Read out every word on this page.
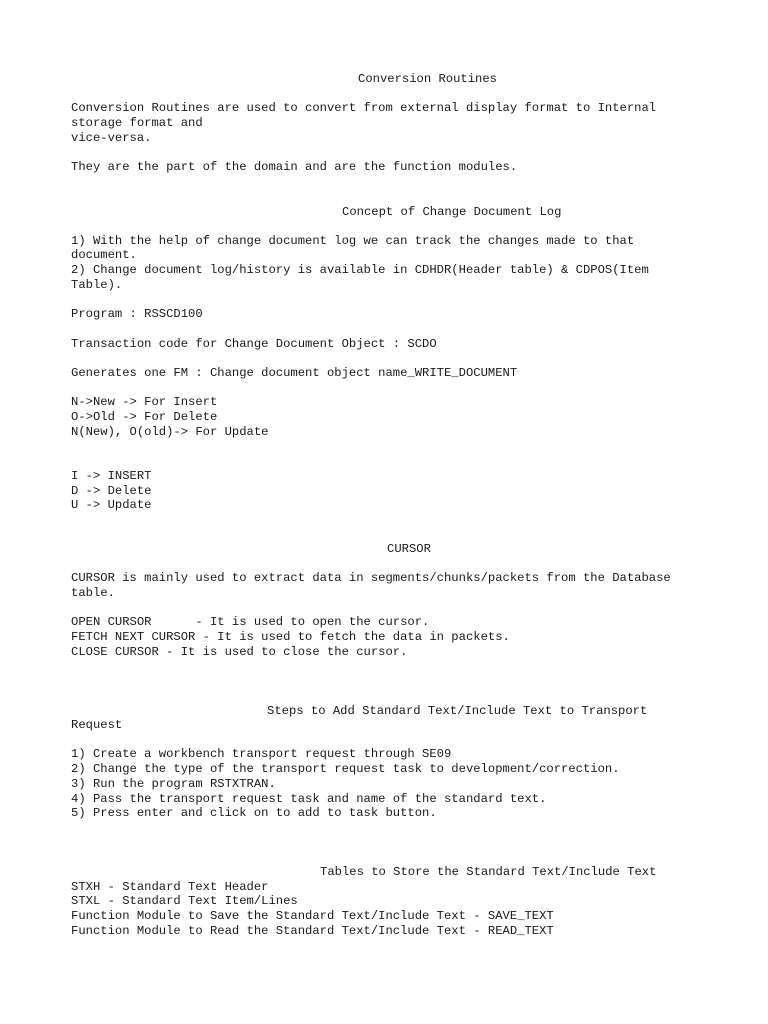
Conversion Routines

Conversion Routines are used to convert from external display format to Internal

storage format and

vice-versa.

They are the part of the domain and are the function modules.

Concept of Change Document Log

1) With the help of change document log we can track the changes made to that

document.

2) Change document log/history is available in CDHDR(Header table) & CDPOS(Item

Table).

Program : RSSCD100

Transaction code for Change Document Object : SCDO

Generates one FM : Change document object name_WRITE_DOCUMENT

N->New -> For Insert

O->Old -> For Delete

N(New), O(old)-> For Update

I -> INSERT

D -> Delete

U -> Update

CURSOR

CURSOR is mainly used to extract data in segments/chunks/packets from the Database

table.

OPEN CURSOR      - It is used to open the cursor.

FETCH NEXT CURSOR - It is used to fetch the data in packets.

CLOSE CURSOR - It is used to close the cursor.

Steps to Add Standard Text/Include Text to Transport

Request

1) Create a workbench transport request through SE09

2) Change the type of the transport request task to development/correction.

3) Run the program RSTXTRAN.

4) Pass the transport request task and name of the standard text.

5) Press enter and click on to add to task button.

Tables to Store the Standard Text/Include Text

STXH - Standard Text Header

STXL - Standard Text Item/Lines

Function Module to Save the Standard Text/Include Text - SAVE_TEXT

Function Module to Read the Standard Text/Include Text - READ_TEXT
